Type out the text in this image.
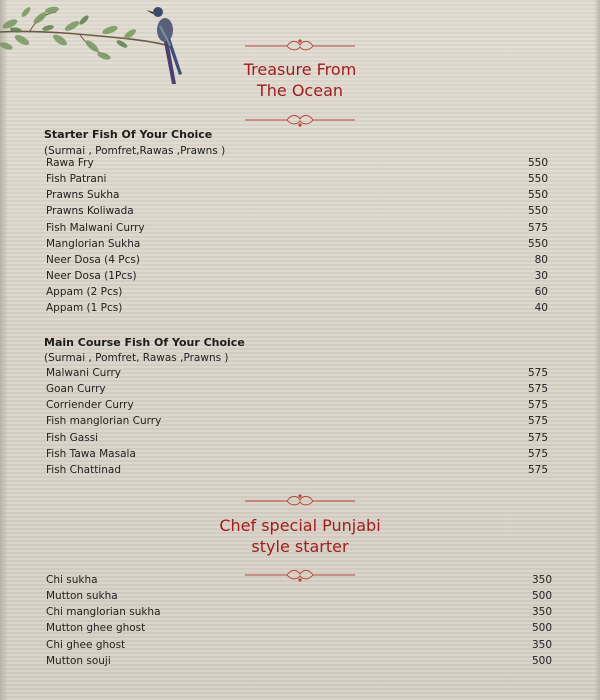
Treasure From
The Ocean
Starter Fish Of Your Choice
(Surmai , Pomfret,Rawas ,Prawns )
Rawa Fry	550
Fish Patrani	550
Prawns Sukha	550
Prawns Koliwada	550
Fish Malwani Curry	575
Manglorian Sukha	550
Neer Dosa (4 Pcs)	80
Neer Dosa (1Pcs)	30
Appam (2 Pcs)	60
Appam (1 Pcs)	40
Main Course Fish Of Your Choice
(Surmai , Pomfret, Rawas ,Prawns )
Malwani Curry	575
Goan Curry	575
Corriender Curry	575
Fish manglorian Curry	575
Fish Gassi	575
Fish Tawa Masala	575
Fish Chattinad	575
Chef special Punjabi
style starter
Chi sukha	350
Mutton sukha	500
Chi manglorian sukha	350
Mutton ghee ghost	500
Chi ghee ghost	350
Mutton souji	500
